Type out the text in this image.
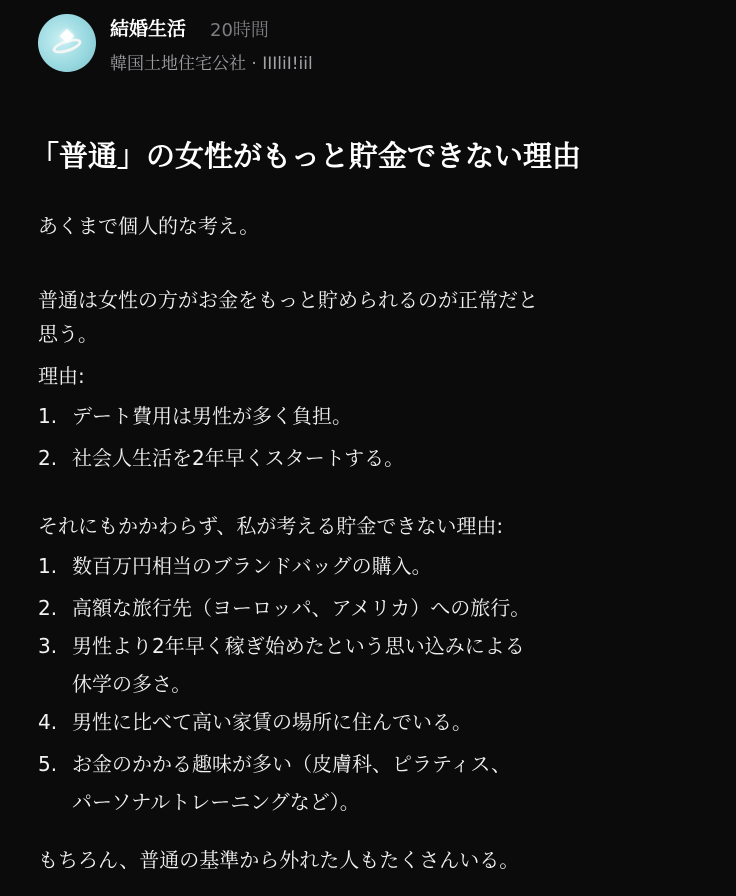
結婚生活 20時間
韓国土地住宅公社 · IIIliI!iil
「普通」の女性がもっと貯金できない理由
あくまで個人的な考え。
普通は女性の方がお金をもっと貯められるのが正常だと
思う。
理由:
1. デート費用は男性が多く負担。
2. 社会人生活を2年早くスタートする。
それにもかかわらず、私が考える貯金できない理由:
1. 数百万円相当のブランドバッグの購入。
2. 高額な旅行先（ヨーロッパ、アメリカ）への旅行。
3. 男性より2年早く稼ぎ始めたという思い込みによる
休学の多さ。
4. 男性に比べて高い家賃の場所に住んでいる。
5. お金のかかる趣味が多い（皮膚科、ピラティス、
パーソナルトレーニングなど）。
もちろん、普通の基準から外れた人もたくさんいる。
